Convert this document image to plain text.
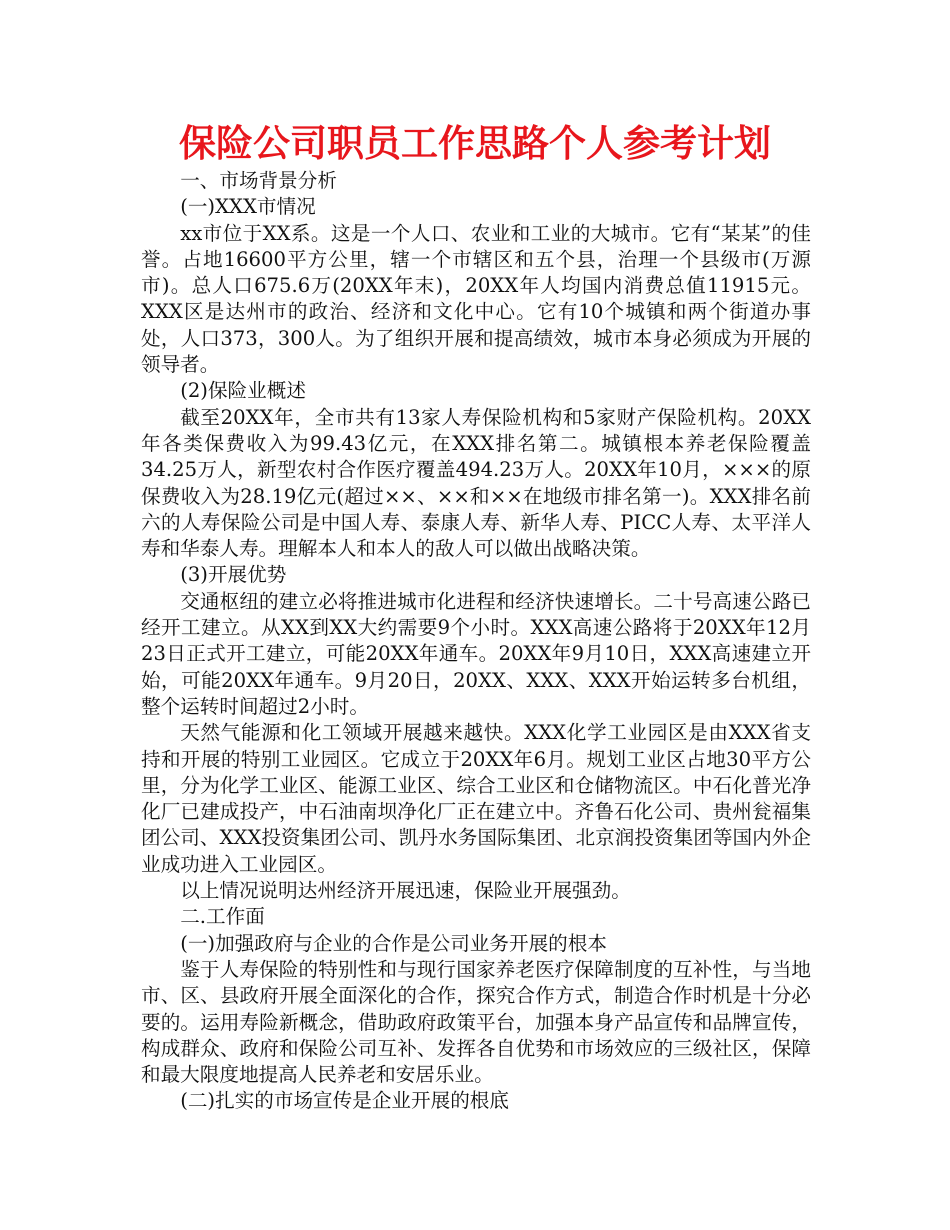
保险公司职员工作思路个人参考计划

一、市场背景分析

(一)XXX市情况

xx市位于XX系。这是一个人口、农业和工业的大城市。它有“某某”的佳誉。占地16600平方公里，辖一个市辖区和五个县，治理一个县级市(万源市)。总人口675.6万(20XX年末)，20XX年人均国内消费总值11915元。XXX区是达州市的政治、经济和文化中心。它有10个城镇和两个街道办事处，人口373，300人。为了组织开展和提高绩效，城市本身必须成为开展的领导者。

(2)保险业概述

截至20XX年，全市共有13家人寿保险机构和5家财产保险机构。20XX年各类保费收入为99.43亿元，在XXX排名第二。城镇根本养老保险覆盖34.25万人，新型农村合作医疗覆盖494.23万人。20XX年10月，×××的原保费收入为28.19亿元(超过××、××和××在地级市排名第一)。XXX排名前六的人寿保险公司是中国人寿、泰康人寿、新华人寿、PICC人寿、太平洋人寿和华泰人寿。理解本人和本人的敌人可以做出战略决策。

(3)开展优势

交通枢纽的建立必将推进城市化进程和经济快速增长。二十号高速公路已经开工建立。从XX到XX大约需要9个小时。XXX高速公路将于20XX年12月23日正式开工建立，可能20XX年通车。20XX年9月10日，XXX高速建立开始，可能20XX年通车。9月20日，20XX、XXX、XXX开始运转多台机组，整个运转时间超过2小时。

天然气能源和化工领域开展越来越快。XXX化学工业园区是由XXX省支持和开展的特别工业园区。它成立于20XX年6月。规划工业区占地30平方公里，分为化学工业区、能源工业区、综合工业区和仓储物流区。中石化普光净化厂已建成投产，中石油南坝净化厂正在建立中。齐鲁石化公司、贵州瓮福集团公司、XXX投资集团公司、凯丹水务国际集团、北京润投资集团等国内外企业成功进入工业园区。

以上情况说明达州经济开展迅速，保险业开展强劲。

二.工作面

(一)加强政府与企业的合作是公司业务开展的根本

鉴于人寿保险的特别性和与现行国家养老医疗保障制度的互补性，与当地市、区、县政府开展全面深化的合作，探究合作方式，制造合作时机是十分必要的。运用寿险新概念，借助政府政策平台，加强本身产品宣传和品牌宣传，构成群众、政府和保险公司互补、发挥各自优势和市场效应的三级社区，保障和最大限度地提高人民养老和安居乐业。

(二)扎实的市场宣传是企业开展的根底
